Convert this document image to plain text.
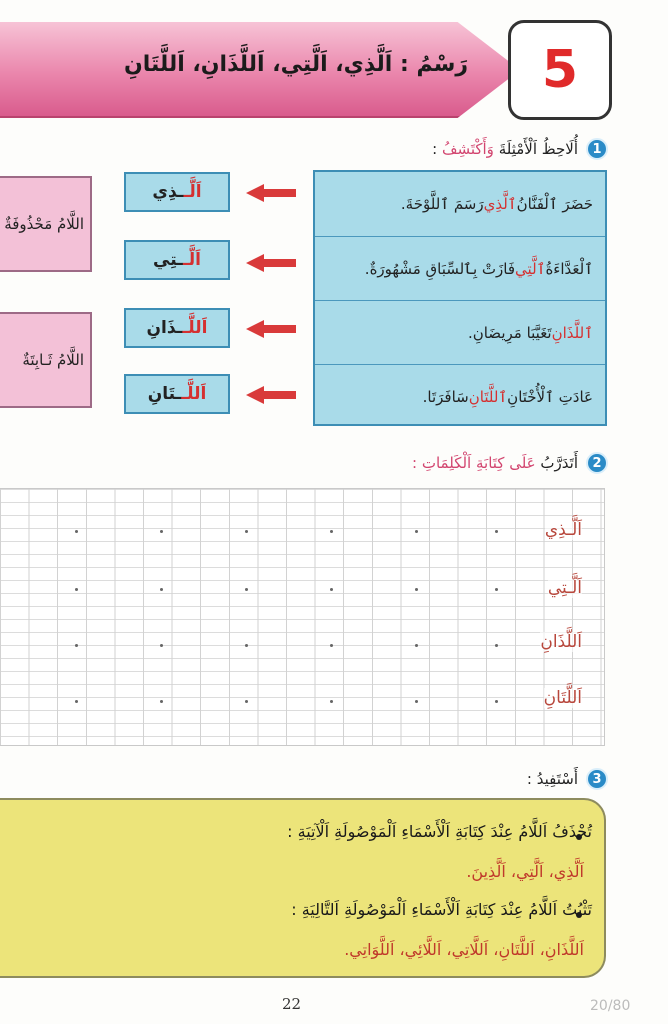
رَسْمُ : اَلَّذِي، اَلَّتِي، اَللَّذَانِ، اَللَّتَانِ 5
1
أُلَاحِظُ اَلْأَمْثِلَةَ وَأَكْتَشِفُ :
حَضَرَ ٱلْفَنَّانُ
ٱلَّذِي
رَسَمَ ٱللَّوْحَةَ.
ٱلْعَدَّاءَةُ
ٱلَّتِي
فَازَتْ بِٱلسِّبَاقِ مَشْهُورَةٌ.
ٱللَّذَانِ
تَغَيَّبَا مَرِيضَانِ.
عَادَتِ ٱلْأُخْتَانِ
ٱللَّتَانِ
سَافَرَتَا.
اَلَّــذِي
اَلَّــتِي
اَللَّــذَانِ
اَللَّــتَانِ
اللَّامُ مَحْذُوفَةٌ
اللَّامُ ثَـابِتَةٌ
2
أَتَدَرَّبُ عَلَى كِتَابَةِ اَلْكَلِمَاتِ :
اَلَّـذِي
اَلَّـتِي
اَللَّذَانِ
اَللَّتَانِ
3
أَسْتَفِيدُ :
تُحْذَفُ اَللَّامُ عِنْدَ كِتَابَةِ اَلْأَسْمَاءِ اَلْمَوْصُولَةِ اَلْآتِيَةِ :
اَلَّذِي، اَلَّتِي، اَلَّذِينَ.
تَثْبُتُ اَللَّامُ عِنْدَ كِتَابَةِ اَلْأَسْمَاءِ اَلْمَوْصُولَةِ اَلتَّالِيَةِ :
اَللَّذَانِ، اَللَّتَانِ، اَللَّاتِي، اَللَّائِي، اَللَّوَاتِي.
22	20/80
